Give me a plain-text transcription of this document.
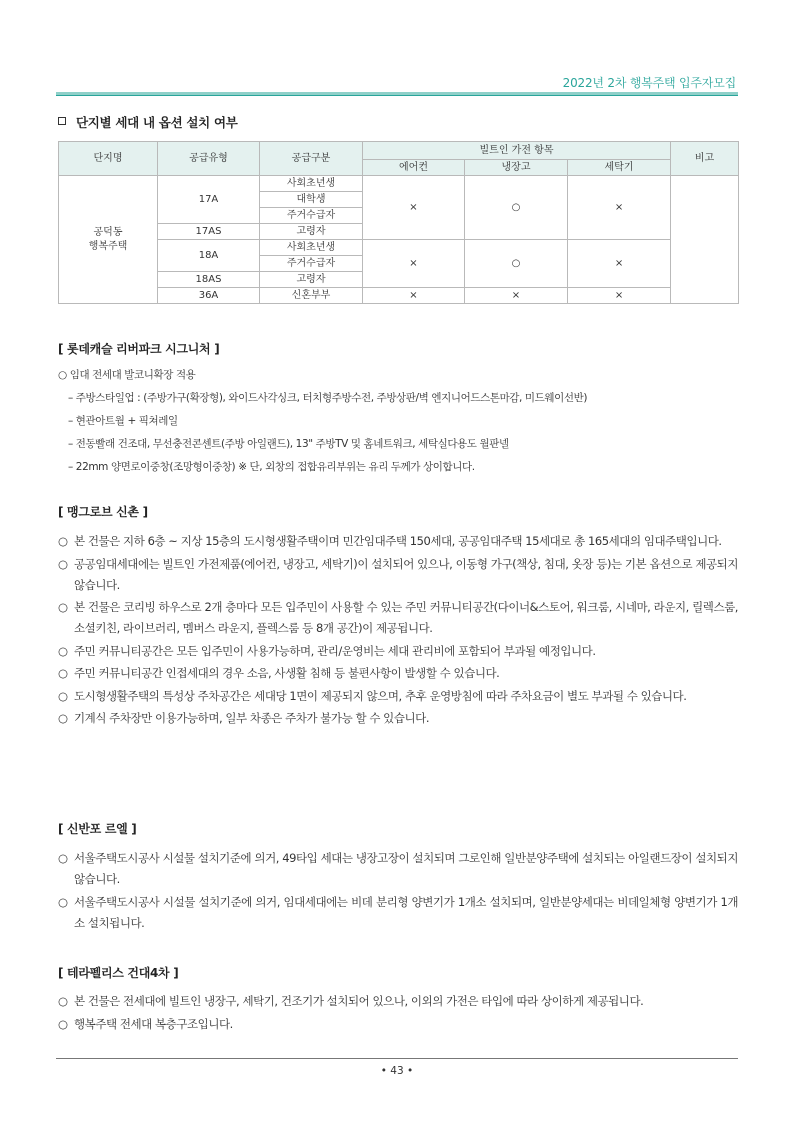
2022년 2차 행복주택 입주자모집
단지별 세대 내 옵션 설치 여부
단지명	공급유형	공급구분	빌트인 가전 항목			비고
			에어컨	냉장고	세탁기	

공덕동
행복주택	17A	사회초년생	×	○	×	
		대학생				
		주거수급자				
	17AS	고령자				
	18A	사회초년생	×	○	×	
		주거수급자				
	18AS	고령자				
	36A	신혼부부	×	×	×	
[ 롯데캐슬 리버파크 시그니처 ]
○ 임대 전세대 발코니확장 적용
– 주방스타일업 : (주방가구(확장형), 와이드사각싱크, 터치형주방수전, 주방상판/벽 엔지니어드스톤마감, 미드웨이선반)
– 현관아트월 + 픽쳐레일
– 전동빨래 건조대, 무선충전콘센트(주방 아일랜드), 13" 주방TV 및 홈네트워크, 세탁실다용도 월판넬
– 22mm 양면로이중창(조망형이중창) ※ 단, 외창의 접합유리부위는 유리 두께가 상이합니다.
[ 맹그로브 신촌 ]
○ 본 건물은 지하 6층 ~ 지상 15층의 도시형생활주택이며 민간임대주택 150세대, 공공임대주택 15세대로 총 165세대의 임대주택입니다.
○ 공공임대세대에는 빌트인 가전제품(에어컨, 냉장고, 세탁기)이 설치되어 있으나, 이동형 가구(책상, 침대, 옷장 등)는 기본 옵션으로 제공되지 않습니다.
○ 본 건물은 코리빙 하우스로 2개 층마다 모든 입주민이 사용할 수 있는 주민 커뮤니티공간(다이너&스토어, 워크룸, 시네마, 라운지, 릴렉스룸, 소셜키친, 라이브러리, 멤버스 라운지, 플렉스룸 등 8개 공간)이 제공됩니다.
○ 주민 커뮤니티공간은 모든 입주민이 사용가능하며, 관리/운영비는 세대 관리비에 포함되어 부과될 예정입니다.
○ 주민 커뮤니티공간 인접세대의 경우 소음, 사생활 침해 등 불편사항이 발생할 수 있습니다.
○ 도시형생활주택의 특성상 주차공간은 세대당 1면이 제공되지 않으며, 추후 운영방침에 따라 주차요금이 별도 부과될 수 있습니다.
○ 기계식 주차장만 이용가능하며, 일부 차종은 주차가 불가능 할 수 있습니다.
[ 신반포 르엘 ]
○ 서울주택도시공사 시설물 설치기준에 의거, 49타입 세대는 냉장고장이 설치되며 그로인해 일반분양주택에 설치되는 아일랜드장이 설치되지 않습니다.
○ 서울주택도시공사 시설물 설치기준에 의거, 임대세대에는 비데 분리형 양변기가 1개소 설치되며, 일반분양세대는 비데일체형 양변기가 1개소 설치됩니다.
[ 테라펠리스 건대4차 ]
○ 본 건물은 전세대에 빌트인 냉장구, 세탁기, 건조기가 설치되어 있으나, 이외의 가전은 타입에 따라 상이하게 제공됩니다.
○ 행복주택 전세대 복층구조입니다.
• 43 •
